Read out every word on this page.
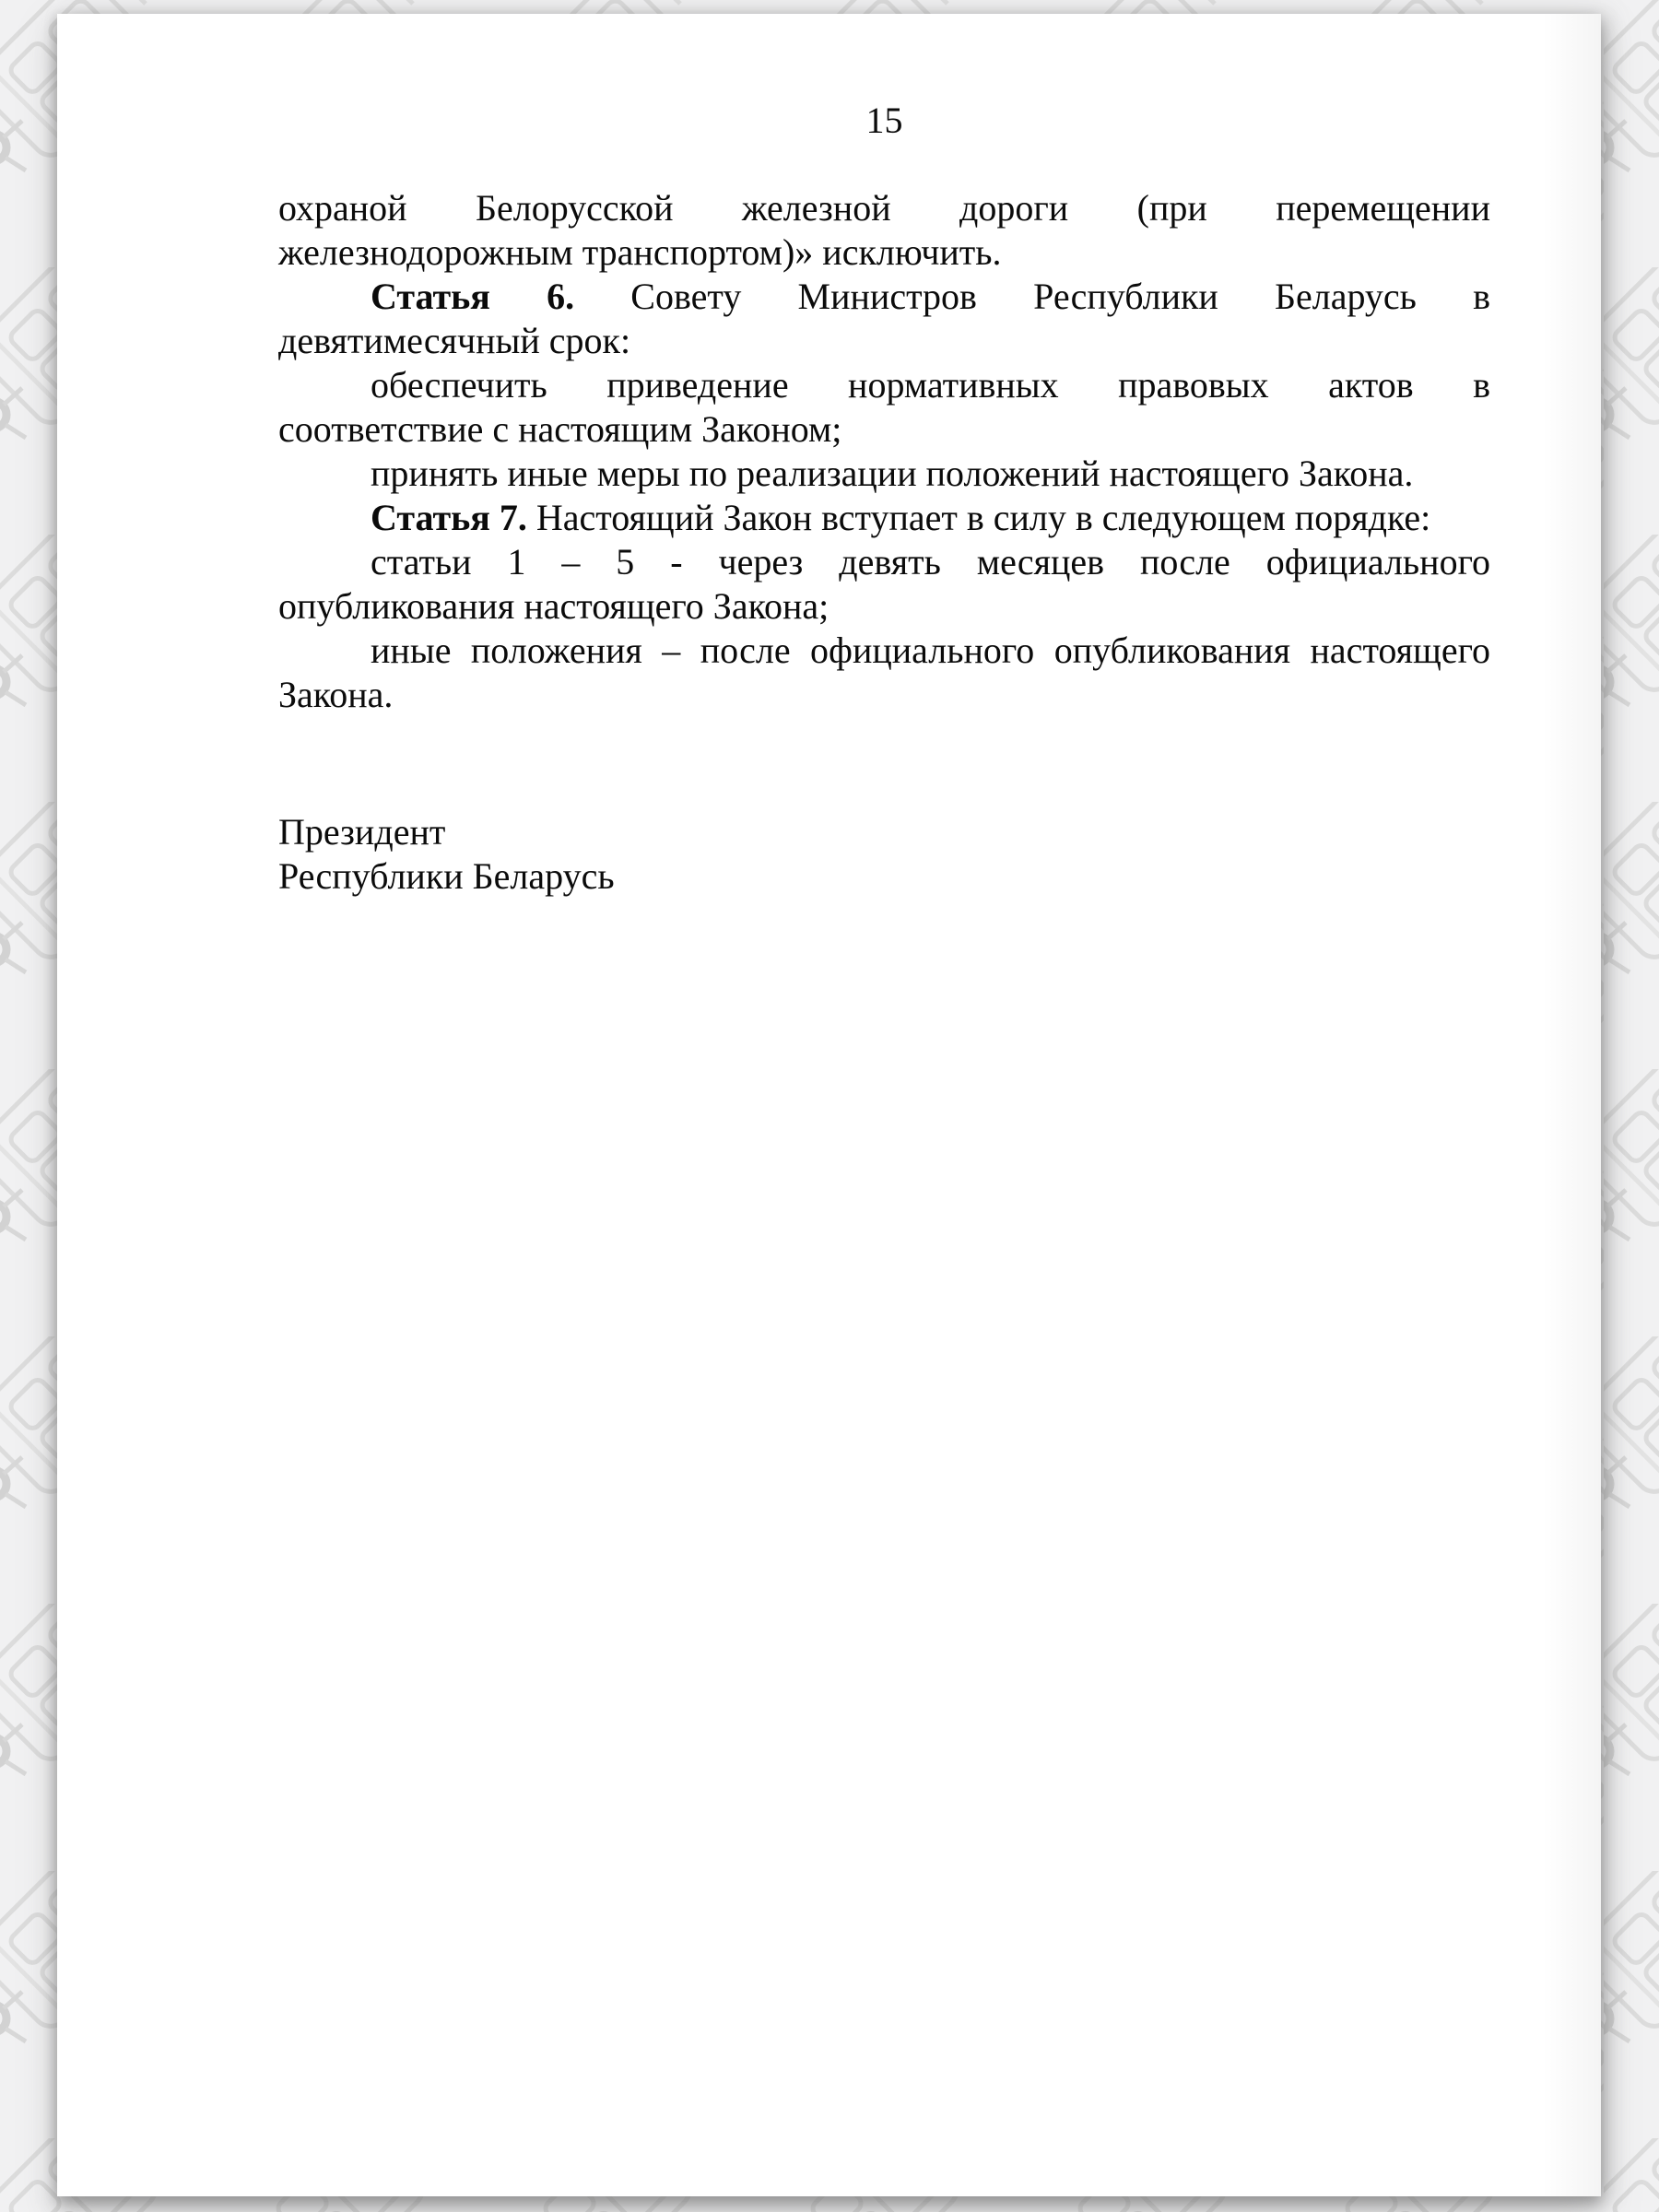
15
охраной Белорусской железной дороги (при перемещении
железнодорожным транспортом)» исключить.
Статья 6. Совету Министров Республики Беларусь в
девятимесячный срок:
обеспечить приведение нормативных правовых актов в
соответствие с настоящим Законом;
принять иные меры по реализации положений настоящего Закона.
Статья 7. Настоящий Закон вступает в силу в следующем порядке:
статьи 1 – 5 - через девять месяцев после официального
опубликования настоящего Закона;
иные положения – после официального опубликования настоящего
Закона.
Президент
Республики Беларусь
